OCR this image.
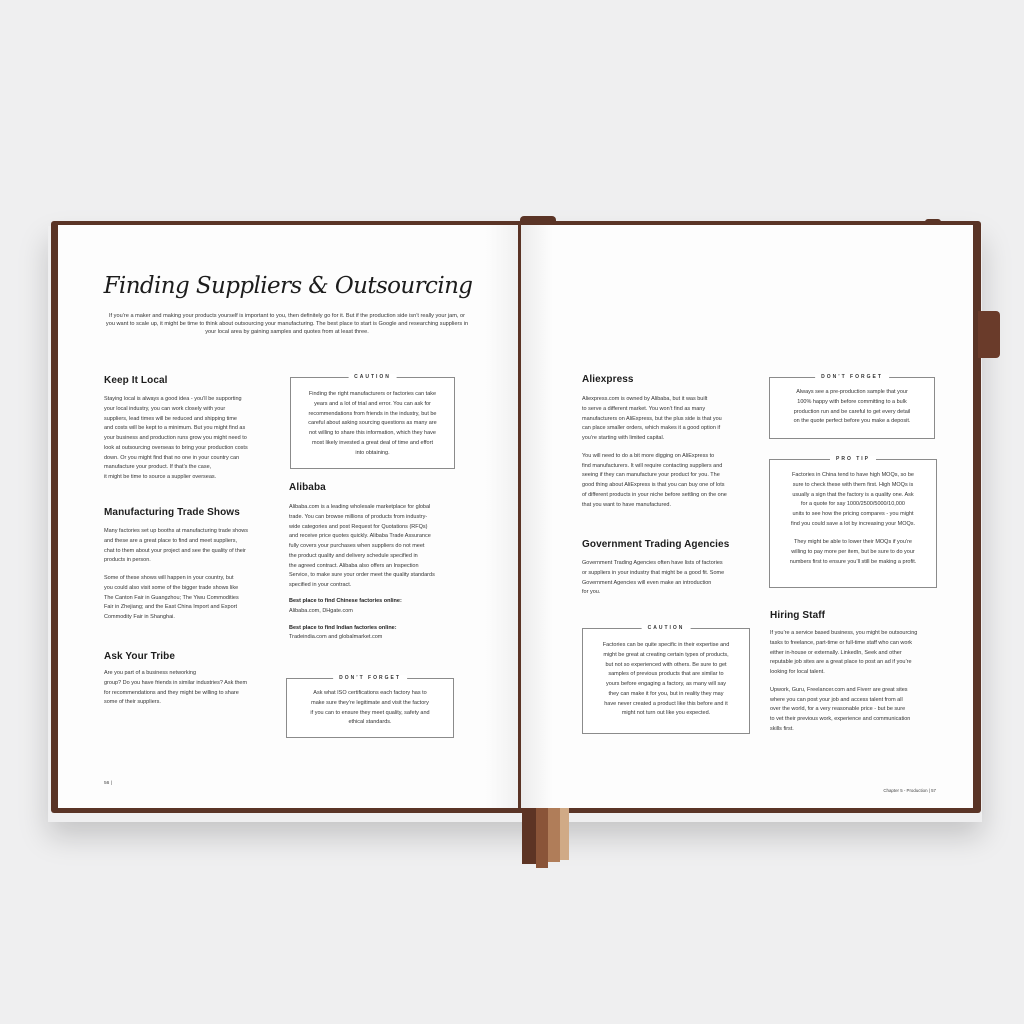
Finding Suppliers & Outsourcing
If you’re a maker and making your products yourself is important to you, then definitely go for it. But if the production side isn’t really your jam, or you want to scale up, it might be time to think about outsourcing your manufacturing. The best place to start is Google and researching suppliers in your local area by gaining samples and quotes from at least three.
Keep It Local
Staying local is always a good idea - you’ll be supporting
your local industry, you can work closely with your
suppliers, lead times will be reduced and shipping time
and costs will be kept to a minimum. But you might find as
your business and production runs grow you might need to
look at outsourcing overseas to bring your production costs
down. Or you might find that no one in your country can
manufacture your product. If that’s the case,
it might be time to source a supplier overseas.
Manufacturing Trade Shows
Many factories set up booths at manufacturing trade shows
and these are a great place to find and meet suppliers,
chat to them about your project and see the quality of their
products in person.
Some of these shows will happen in your country, but
you could also visit some of the bigger trade shows like
The Canton Fair in Guangzhou; The Yiwu Commodities
Fair in Zhejiang; and the East China Import and Export
Commodity Fair in Shanghai.
Ask Your Tribe
Are you part of a business networking
group? Do you have friends in similar industries? Ask them
for recommendations and they might be willing to share
some of their suppliers.
CAUTION
Finding the right manufacturers or factories can take
years and a lot of trial and error. You can ask for
recommendations from friends in the industry, but be
careful about asking sourcing questions as many are
not willing to share this information, which they have
most likely invested a great deal of time and effort
into obtaining.
Alibaba
Alibaba.com is a leading wholesale marketplace for global
trade. You can browse millions of products from industry-
wide categories and post Request for Quotations (RFQs)
and receive price quotes quickly. Alibaba Trade Assurance
fully covers your purchases when suppliers do not meet
the product quality and delivery schedule specified in
the agreed contract. Alibaba also offers an Inspection
Service, to make sure your order meet the quality standards
specified in your contract.
Best place to find Chinese factories online:
Alibaba.com, DHgate.com
Best place to find Indian factories online:
Tradeindia.com and globalmarket.com
DON’T FORGET
Ask what ISO certifications each factory has to
make sure they’re legitimate and visit the factory
if you can to ensure they meet quality, safety and
ethical standards.
56 |
Aliexpress
Aliexpress.com is owned by Alibaba, but it was built
to serve a different market. You won’t find as many
manufacturers on AliExpress, but the plus side is that you
can place smaller orders, which makes it a good option if
you’re starting with limited capital.
You will need to do a bit more digging on AliExpress to
find manufacturers. It will require contacting suppliers and
seeing if they can manufacture your product for you. The
good thing about AliExpress is that you can buy one of lots
of different products in your niche before settling on the one
that you want to have manufactured.
Government Trading Agencies
Government Trading Agencies often have lists of factories
or suppliers in your industry that might be a good fit. Some
Government Agencies will even make an introduction
for you.
CAUTION
Factories can be quite specific in their expertise and
might be great at creating certain types of products,
but not so experienced with others. Be sure to get
samples of previous products that are similar to
yours before engaging a factory, as many will say
they can make it for you, but in reality they may
have never created a product like this before and it
might not turn out like you expected.
DON’T FORGET
Always see a pre-production sample that your
100% happy with before committing to a bulk
production run and be careful to get every detail
on the quote perfect before you make a deposit.
PRO TIP
Factories in China tend to have high MOQs, so be
sure to check these with them first. High MOQs is
usually a sign that the factory is a quality one. Ask
for a quote for say 1000/2500/5000/10,000
units to see how the pricing compares - you might
find you could save a lot by increasing your MOQs.
They might be able to lower their MOQs if you’re
willing to pay more per item, but be sure to do your
numbers first to ensure you’ll still be making a profit.
Hiring Staff
If you’re a service based business, you might be outsourcing
tasks to freelance, part-time or full-time staff who can work
either in-house or externally. LinkedIn, Seek and other
reputable job sites are a great place to post an ad if you’re
looking for local talent.
Upwork, Guru, Freelancer.com and Fiverr are great sites
where you can post your job and access talent from all
over the world, for a very reasonable price - but be sure
to vet their previous work, experience and communication
skills first.
Chapter 5 - Production | 57
